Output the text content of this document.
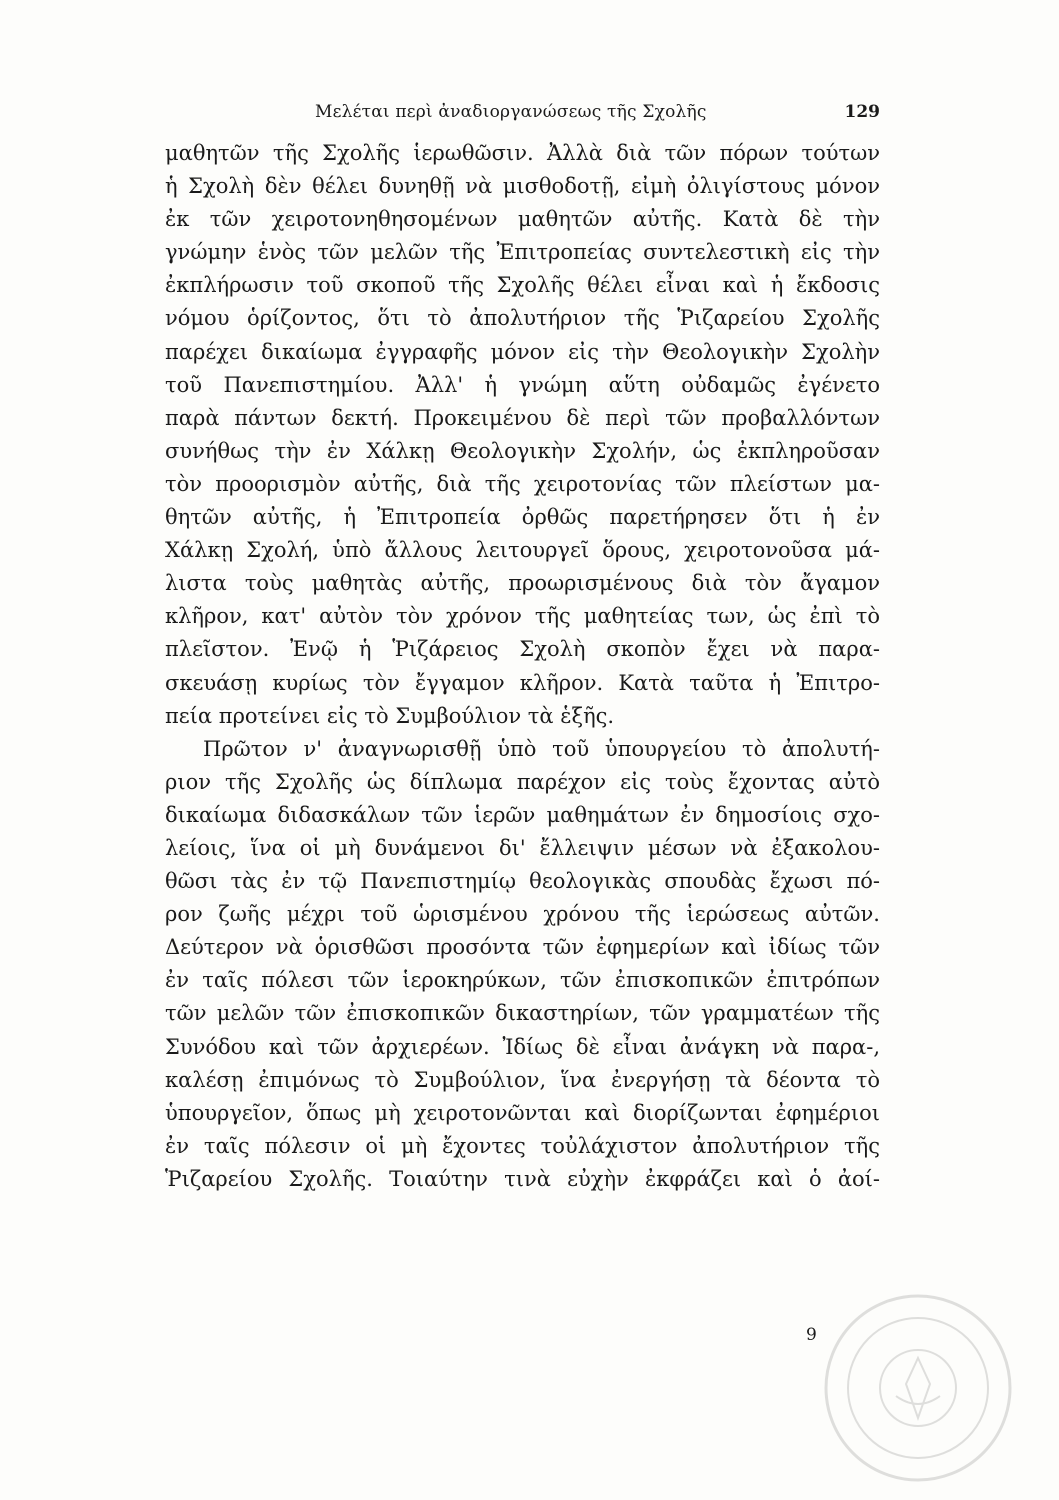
Μελέται περὶ ἀναδιοργανώσεως τῆς Σχολῆς	129
μαθητῶν τῆς Σχολῆς ἱερωθῶσιν. Ἀλλὰ διὰ τῶν πόρων τούτων
ἡ Σχολὴ δὲν θέλει δυνηθῇ νὰ μισθοδοτῇ, εἰμὴ ὀλιγίστους μόνον
ἐκ τῶν χειροτονηθησομένων μαθητῶν αὐτῆς. Κατὰ δὲ τὴν
γνώμην ἑνὸς τῶν μελῶν τῆς Ἐπιτροπείας συντελεστικὴ εἰς τὴν
ἐκπλήρωσιν τοῦ σκοποῦ τῆς Σχολῆς θέλει εἶναι καὶ ἡ ἔκδοσις
νόμου ὁρίζοντος, ὅτι τὸ ἀπολυτήριον τῆς Ῥιζαρείου Σχολῆς
παρέχει δικαίωμα ἐγγραφῆς μόνον εἰς τὴν Θεολογικὴν Σχολὴν
τοῦ Πανεπιστημίου. Ἀλλ' ἡ γνώμη αὕτη οὐδαμῶς ἐγένετο
παρὰ πάντων δεκτή. Προκειμένου δὲ περὶ τῶν προβαλλόντων
συνήθως τὴν ἐν Χάλκῃ Θεολογικὴν Σχολήν, ὡς ἐκπληροῦσαν
τὸν προορισμὸν αὐτῆς, διὰ τῆς χειροτονίας τῶν πλείστων μα-
θητῶν αὐτῆς, ἡ Ἐπιτροπεία ὀρθῶς παρετήρησεν ὅτι ἡ ἐν
Χάλκῃ Σχολή, ὑπὸ ἄλλους λειτουργεῖ ὅρους, χειροτονοῦσα μά-
λιστα τοὺς μαθητὰς αὐτῆς, προωρισμένους διὰ τὸν ἄγαμον
κλῆρον, κατ' αὐτὸν τὸν χρόνον τῆς μαθητείας των, ὡς ἐπὶ τὸ
πλεῖστον. Ἐνῷ ἡ Ῥιζάρειος Σχολὴ σκοπὸν ἔχει νὰ παρα-
σκευάσῃ κυρίως τὸν ἔγγαμον κλῆρον. Κατὰ ταῦτα ἡ Ἐπιτρο-
πεία προτείνει εἰς τὸ Συμβούλιον τὰ ἑξῆς.
Πρῶτον ν' ἀναγνωρισθῇ ὑπὸ τοῦ ὑπουργείου τὸ ἀπολυτή-
ριον τῆς Σχολῆς ὡς δίπλωμα παρέχον εἰς τοὺς ἔχοντας αὐτὸ
δικαίωμα διδασκάλων τῶν ἱερῶν μαθημάτων ἐν δημοσίοις σχο-
λείοις, ἵνα οἱ μὴ δυνάμενοι δι' ἔλλειψιν μέσων νὰ ἐξακολου-
θῶσι τὰς ἐν τῷ Πανεπιστημίῳ θεολογικὰς σπουδὰς ἔχωσι πό-
ρον ζωῆς μέχρι τοῦ ὡρισμένου χρόνου τῆς ἱερώσεως αὐτῶν.
Δεύτερον νὰ ὁρισθῶσι προσόντα τῶν ἐφημερίων καὶ ἰδίως τῶν
ἐν ταῖς πόλεσι τῶν ἱεροκηρύκων, τῶν ἐπισκοπικῶν ἐπιτρόπων
τῶν μελῶν τῶν ἐπισκοπικῶν δικαστηρίων, τῶν γραμματέων τῆς
Συνόδου καὶ τῶν ἀρχιερέων. Ἰδίως δὲ εἶναι ἀνάγκη νὰ παρα-,
καλέσῃ ἐπιμόνως τὸ Συμβούλιον, ἵνα ἐνεργήσῃ τὰ δέοντα τὸ
ὑπουργεῖον, ὅπως μὴ χειροτονῶνται καὶ διορίζωνται ἐφημέριοι
ἐν ταῖς πόλεσιν οἱ μὴ ἔχοντες τοὐλάχιστον ἀπολυτήριον τῆς
Ῥιζαρείου Σχολῆς. Τοιαύτην τινὰ εὐχὴν ἐκφράζει καὶ ὁ ἀοί-
9
